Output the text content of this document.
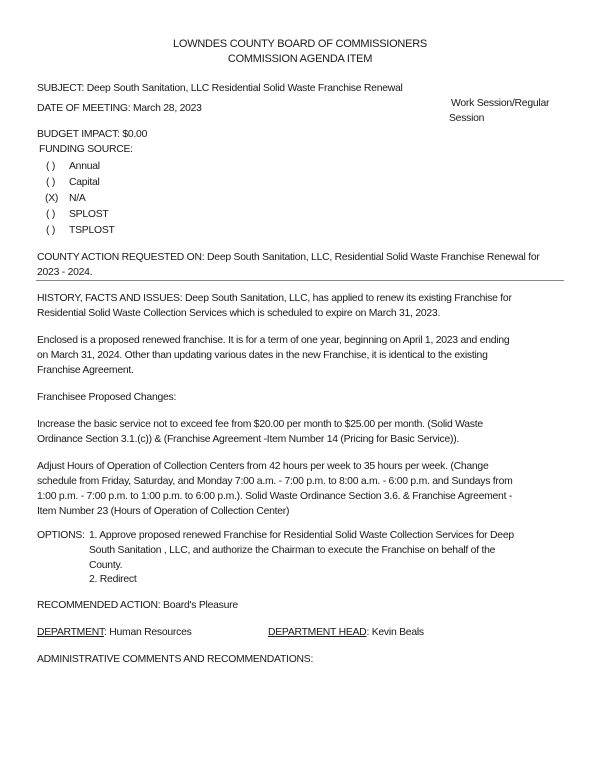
LOWNDES COUNTY BOARD OF COMMISSIONERS
COMMISSION AGENDA ITEM
SUBJECT: Deep South Sanitation, LLC Residential Solid Waste Franchise Renewal
DATE OF MEETING: March 28, 2023	Work Session/Regular
Session
BUDGET IMPACT: $0.00
FUNDING SOURCE:
( ) Annual
( ) Capital
(X) N/A
( ) SPLOST
( ) TSPLOST
COUNTY ACTION REQUESTED ON: Deep South Sanitation, LLC, Residential Solid Waste Franchise Renewal for
2023 - 2024.
HISTORY, FACTS AND ISSUES: Deep South Sanitation, LLC, has applied to renew its existing Franchise for
Residential Solid Waste Collection Services which is scheduled to expire on March 31, 2023.
Enclosed is a proposed renewed franchise. It is for a term of one year, beginning on April 1, 2023 and ending
on March 31, 2024. Other than updating various dates in the new Franchise, it is identical to the existing
Franchise Agreement.
Franchisee Proposed Changes:
Increase the basic service not to exceed fee from $20.00 per month to $25.00 per month. (Solid Waste
Ordinance Section 3.1.(c)) & (Franchise Agreement -Item Number 14 (Pricing for Basic Service)).
Adjust Hours of Operation of Collection Centers from 42 hours per week to 35 hours per week. (Change
schedule from Friday, Saturday, and Monday 7:00 a.m. - 7:00 p.m. to 8:00 a.m. - 6:00 p.m. and Sundays from
1:00 p.m. - 7:00 p.m. to 1:00 p.m. to 6:00 p.m.). Solid Waste Ordinance Section 3.6. & Franchise Agreement -
Item Number 23 (Hours of Operation of Collection Center)
OPTIONS: 1. Approve proposed renewed Franchise for Residential Solid Waste Collection Services for Deep
South Sanitation , LLC, and authorize the Chairman to execute the Franchise on behalf of the
County.
2. Redirect
RECOMMENDED ACTION: Board's Pleasure
DEPARTMENT: Human Resources	DEPARTMENT HEAD: Kevin Beals
ADMINISTRATIVE COMMENTS AND RECOMMENDATIONS:
